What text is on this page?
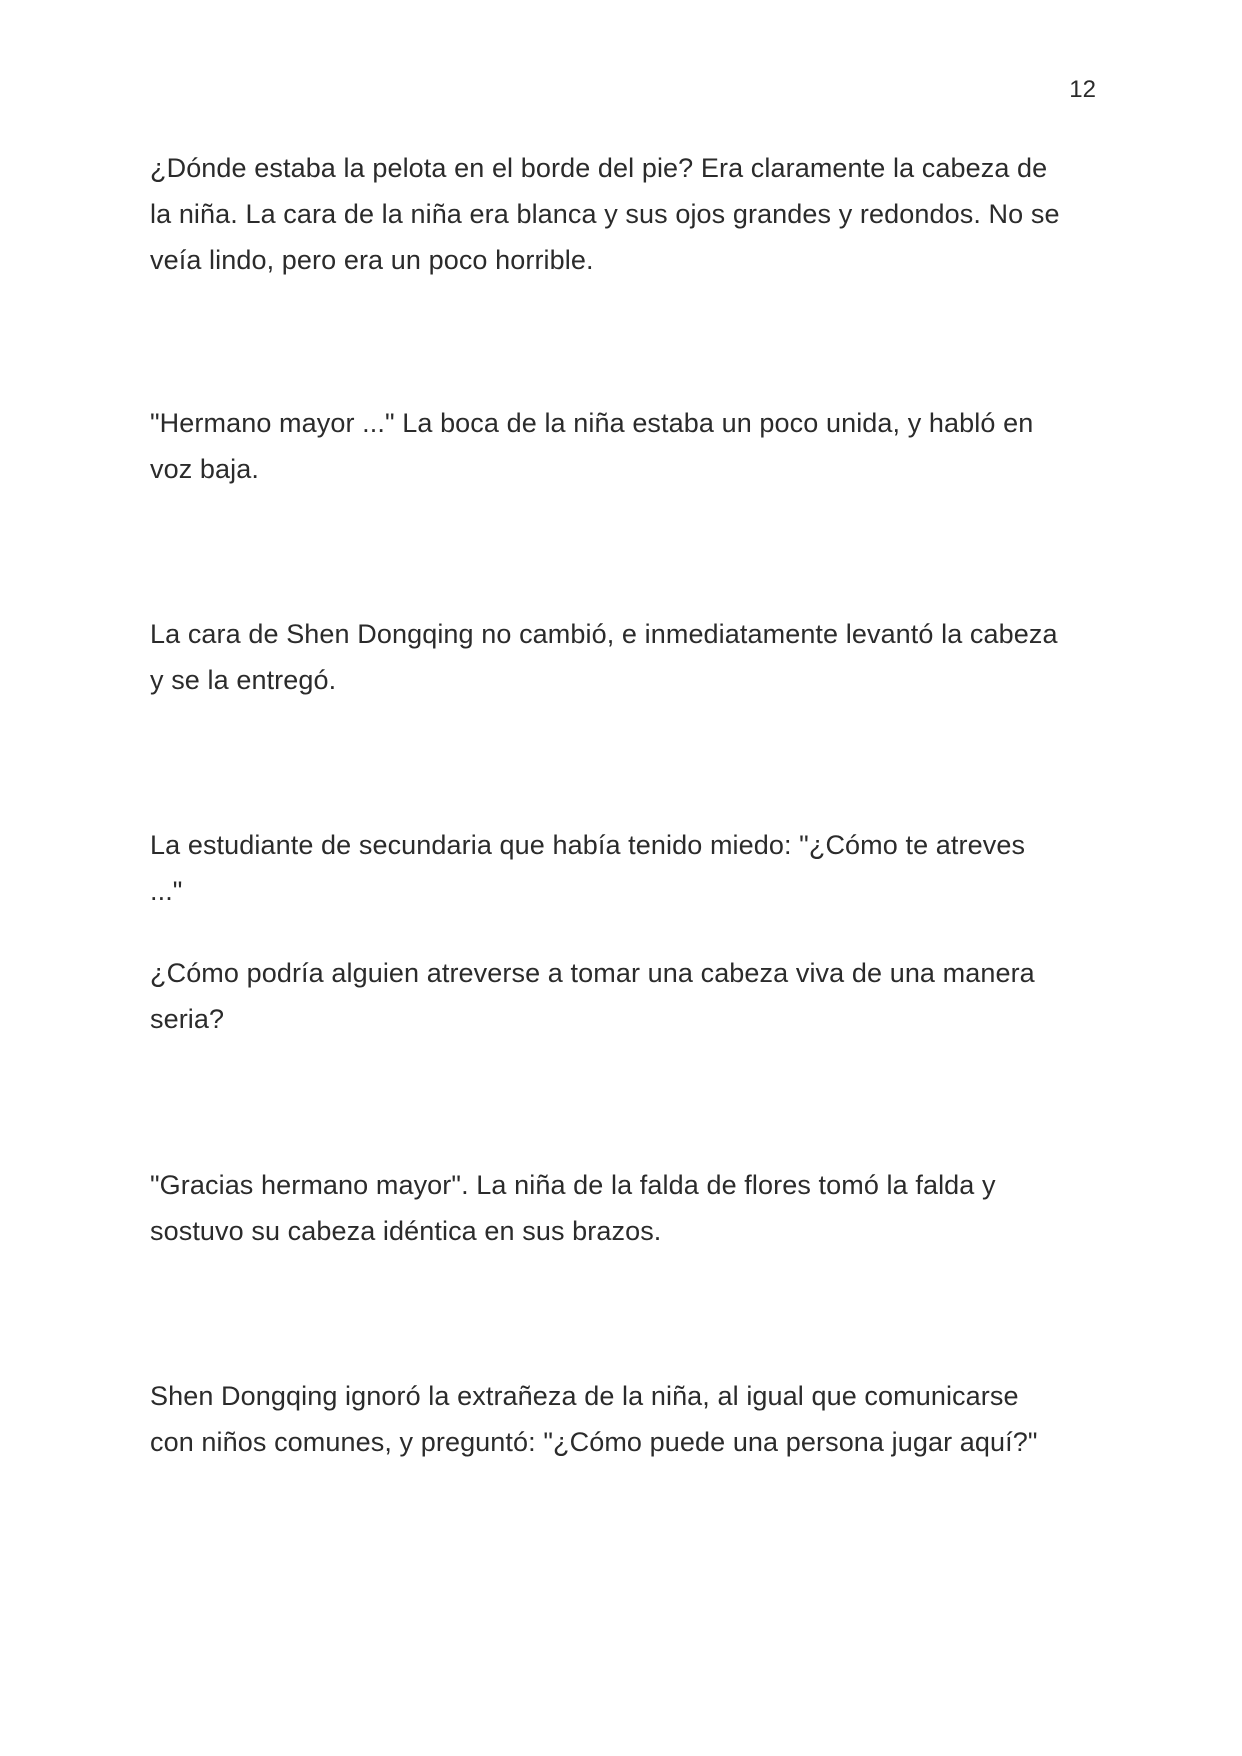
12

¿Dónde estaba la pelota en el borde del pie? Era claramente la cabeza de
la niña. La cara de la niña era blanca y sus ojos grandes y redondos. No se
veía lindo, pero era un poco horrible.

"Hermano mayor ..." La boca de la niña estaba un poco unida, y habló en
voz baja.

La cara de Shen Dongqing no cambió, e inmediatamente levantó la cabeza
y se la entregó.

La estudiante de secundaria que había tenido miedo: "¿Cómo te atreves
..."

¿Cómo podría alguien atreverse a tomar una cabeza viva de una manera
seria?

"Gracias hermano mayor". La niña de la falda de flores tomó la falda y
sostuvo su cabeza idéntica en sus brazos.

Shen Dongqing ignoró la extrañeza de la niña, al igual que comunicarse
con niños comunes, y preguntó: "¿Cómo puede una persona jugar aquí?"
